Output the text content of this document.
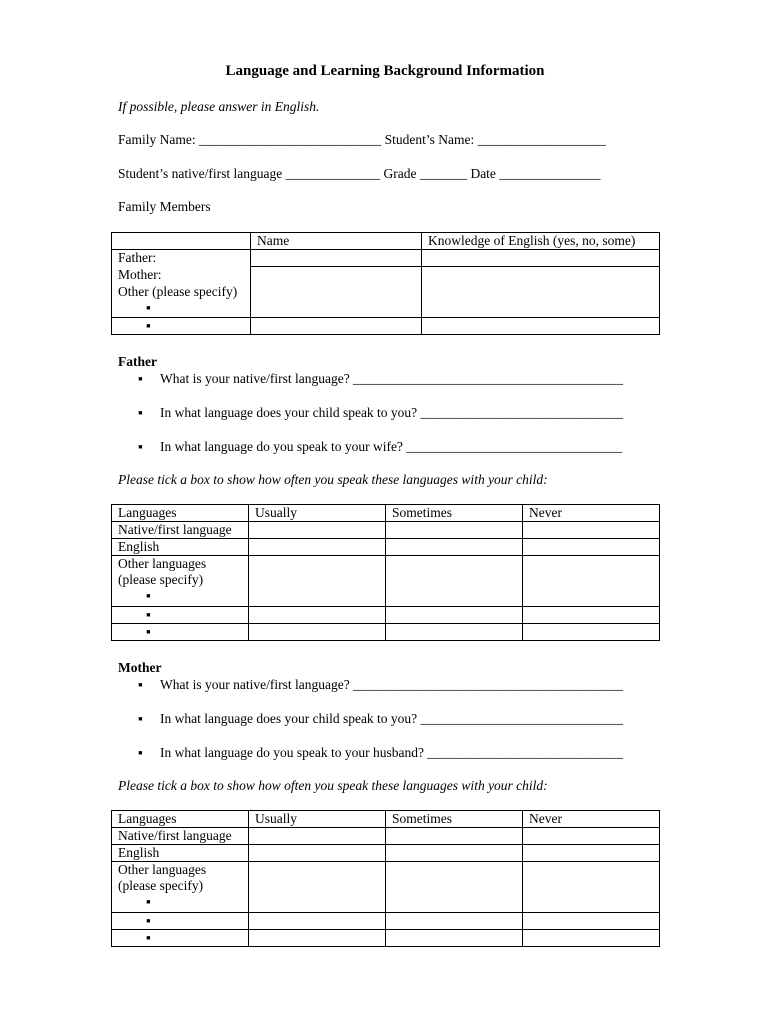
Language and Learning Background Information
If possible, please answer in English.
Family Name: ___________________________ Student’s Name: ___________________
Student’s native/first language ______________ Grade _______ Date _______________
Family Members
	Name	Knowledge of English (yes, no, some)
Father:		
Mother:		
Other (please specify)
▪		
▪		
Father
▪ What is your native/first language? ________________________________________
▪ In what language does your child speak to you? ______________________________
▪ In what language do you speak to your wife? ________________________________
Please tick a box to show how often you speak these languages with your child:
Languages	Usually	Sometimes	Never
Native/first language			
English			
Other languages
(please specify)
▪			
▪			
▪			
Mother
▪ What is your native/first language? ________________________________________
▪ In what language does your child speak to you? ______________________________
▪ In what language do you speak to your husband? _____________________________
Please tick a box to show how often you speak these languages with your child:
Languages	Usually	Sometimes	Never
Native/first language			
English			
Other languages
(please specify)
▪			
▪			
▪			
